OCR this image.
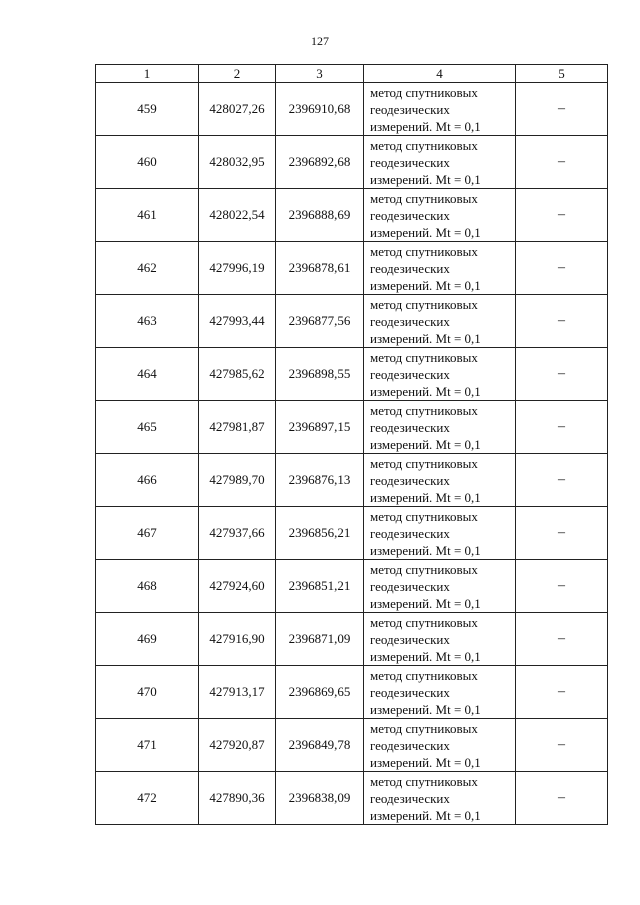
127
1	2	3	4	5
459	428027,26	2396910,68	метод спутниковых
геодезических
измерений. Mt = 0,1	–
460	428032,95	2396892,68	метод спутниковых
геодезических
измерений. Mt = 0,1	–
461	428022,54	2396888,69	метод спутниковых
геодезических
измерений. Mt = 0,1	–
462	427996,19	2396878,61	метод спутниковых
геодезических
измерений. Mt = 0,1	–
463	427993,44	2396877,56	метод спутниковых
геодезических
измерений. Mt = 0,1	–
464	427985,62	2396898,55	метод спутниковых
геодезических
измерений. Mt = 0,1	–
465	427981,87	2396897,15	метод спутниковых
геодезических
измерений. Mt = 0,1	–
466	427989,70	2396876,13	метод спутниковых
геодезических
измерений. Mt = 0,1	–
467	427937,66	2396856,21	метод спутниковых
геодезических
измерений. Mt = 0,1	–
468	427924,60	2396851,21	метод спутниковых
геодезических
измерений. Mt = 0,1	–
469	427916,90	2396871,09	метод спутниковых
геодезических
измерений. Mt = 0,1	–
470	427913,17	2396869,65	метод спутниковых
геодезических
измерений. Mt = 0,1	–
471	427920,87	2396849,78	метод спутниковых
геодезических
измерений. Mt = 0,1	–
472	427890,36	2396838,09	метод спутниковых
геодезических
измерений. Mt = 0,1	–
